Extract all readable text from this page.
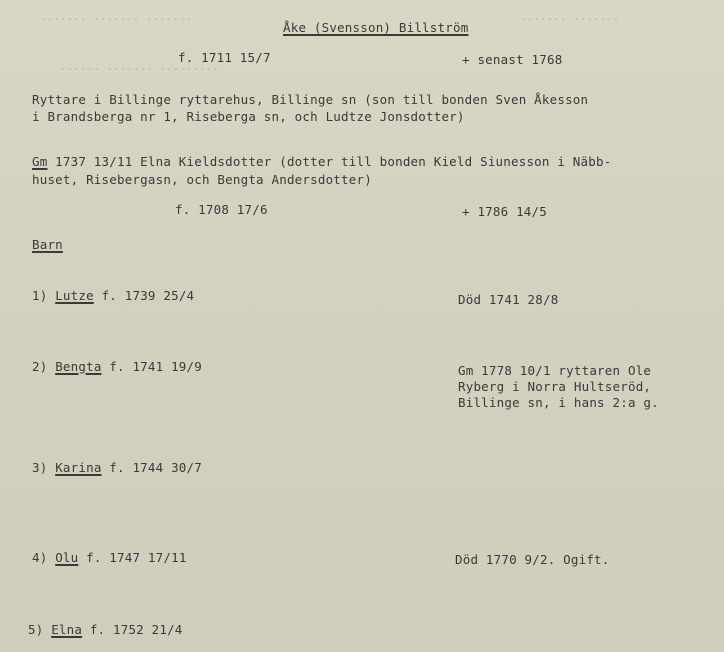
....... ....... .......
......... ....... ......
....... .......
Åke (Svensson) Billström
f. 1711 15/7	+ senast 1768
Ryttare i Billinge ryttarehus, Billinge sn (son till bonden Sven Åkesson
i Brandsberga nr 1, Riseberga sn, och Ludtze Jonsdotter)
Gm 1737 13/11 Elna Kieldsdotter (dotter till bonden Kield Siunesson i Näbb-
huset, Risebergasn, och Bengta Andersdotter)
f. 1708 17/6	+ 1786 14/5
Barn
1) Lutze f. 1739 25/4	Död 1741 28/8
2) Bengta f. 1741 19/9	Gm 1778 10/1 ryttaren Ole
Ryberg i Norra Hultseröd,
Billinge sn, i hans 2:a g.
3) Karina f. 1744 30/7
4) Olu f. 1747 17/11	Död 1770 9/2. Ogift.
5) Elna f. 1752 21/4
